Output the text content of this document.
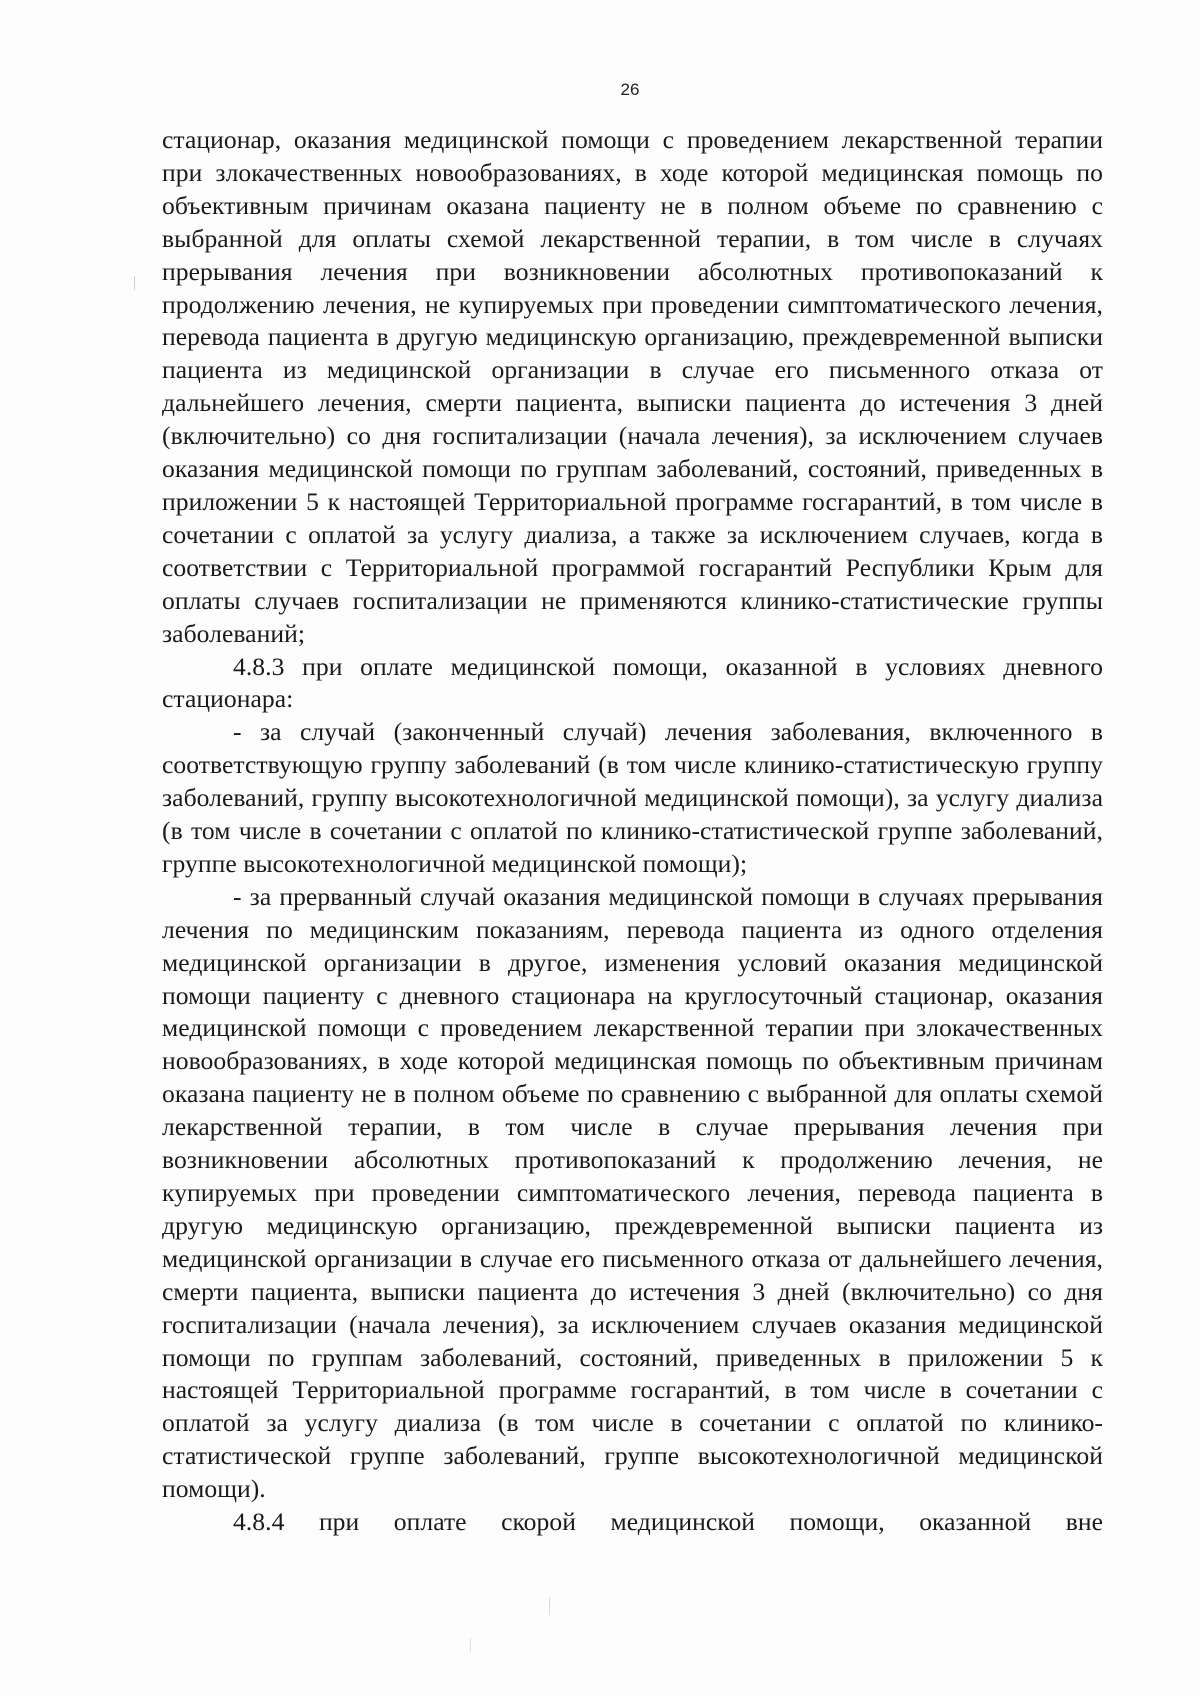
26

стационар, оказания медицинской помощи с проведением лекарственной терапии при злокачественных новообразованиях, в ходе которой медицинская помощь по объективным причинам оказана пациенту не в полном объеме по сравнению с выбранной для оплаты схемой лекарственной терапии, в том числе в случаях прерывания лечения при возникновении абсолютных противопоказаний к продолжению лечения, не купируемых при проведении симптоматического лечения, перевода пациента в другую медицинскую организацию, преждевременной выписки пациента из медицинской организации в случае его письменного отказа от дальнейшего лечения, смерти пациента, выписки пациента до истечения 3 дней (включительно) со дня госпитализации (начала лечения), за исключением случаев оказания медицинской помощи по группам заболеваний, состояний, приведенных в приложении 5 к настоящей Территориальной программе госгарантий, в том числе в сочетании с оплатой за услугу диализа, а также за исключением случаев, когда в соответствии с Территориальной программой госгарантий Республики Крым для оплаты случаев госпитализации не применяются клинико-статистические группы заболеваний;

4.8.3 при оплате медицинской помощи, оказанной в условиях дневного стационара:

- за случай (законченный случай) лечения заболевания, включенного в соответствующую группу заболеваний (в том числе клинико-статистическую группу заболеваний, группу высокотехнологичной медицинской помощи), за услугу диализа (в том числе в сочетании с оплатой по клинико-статистической группе заболеваний, группе высокотехнологичной медицинской помощи);

- за прерванный случай оказания медицинской помощи в случаях прерывания лечения по медицинским показаниям, перевода пациента из одного отделения медицинской организации в другое, изменения условий оказания медицинской помощи пациенту с дневного стационара на круглосуточный стационар, оказания медицинской помощи с проведением лекарственной терапии при злокачественных новообразованиях, в ходе которой медицинская помощь по объективным причинам оказана пациенту не в полном объеме по сравнению с выбранной для оплаты схемой лекарственной терапии, в том числе в случае прерывания лечения при возникновении абсолютных противопоказаний к продолжению лечения, не купируемых при проведении симптоматического лечения, перевода пациента в другую медицинскую организацию, преждевременной выписки пациента из медицинской организации в случае его письменного отказа от дальнейшего лечения, смерти пациента, выписки пациента до истечения 3 дней (включительно) со дня госпитализации (начала лечения), за исключением случаев оказания медицинской помощи по группам заболеваний, состояний, приведенных в приложении 5 к настоящей Территориальной программе госгарантий, в том числе в сочетании с оплатой за услугу диализа (в том числе в сочетании с оплатой по клинико-статистической группе заболеваний, группе высокотехнологичной медицинской помощи).

4.8.4 при оплате скорой медицинской помощи, оказанной вне
